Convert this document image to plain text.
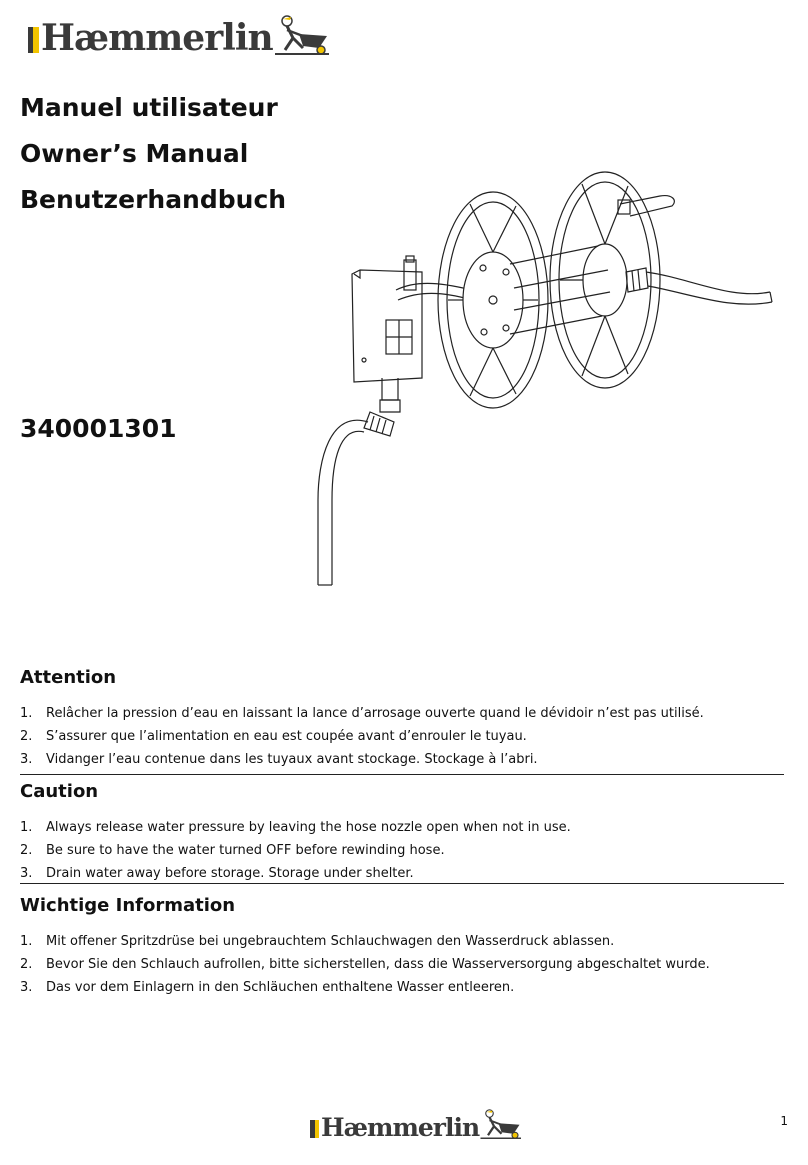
Hæmmerlin
Manuel utilisateur
Owner’s Manual
Benutzerhandbuch
340001301
Attention
1.	Relâcher la pression d’eau en laissant la lance d’arrosage ouverte quand le dévidoir n’est pas utilisé.
2.	S’assurer que l’alimentation en eau est coupée avant d’enrouler le tuyau.
3.	Vidanger l’eau contenue dans les tuyaux avant stockage. Stockage à l’abri.
Caution
1.	Always release water pressure by leaving the hose nozzle open when not in use.
2.	Be sure to have the water turned OFF before rewinding hose.
3.	Drain water away before storage. Storage under shelter.
Wichtige Information
1.	Mit offener Spritzdrüse bei ungebrauchtem Schlauchwagen den Wasserdruck ablassen.
2.	Bevor Sie den Schlauch aufrollen, bitte sicherstellen, dass die Wasserversorgung abgeschaltet wurde.
3.	Das vor dem Einlagern in den Schläuchen enthaltene Wasser entleeren.
Hæmmerlin	1
